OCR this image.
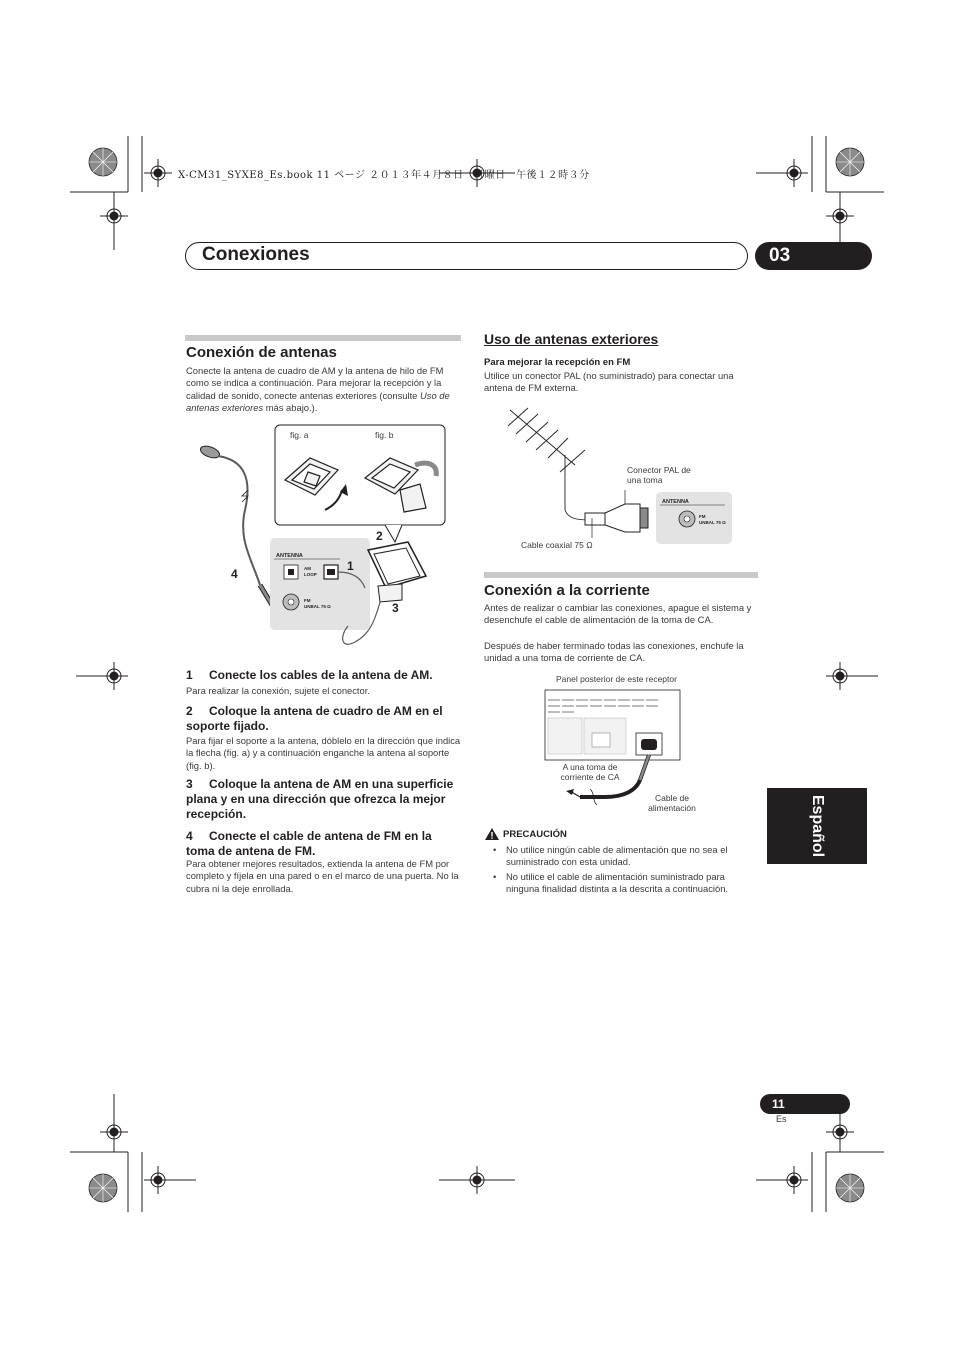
X-CM31_SYXE8_Es.book 11 ページ ２０１３年４月８日　月曜日　午後１２時３分
Conexiones	03
Conexión de antenas
Conecte la antena de cuadro de AM y la antena de hilo de FM como se indica a continuación. Para mejorar la recepción y la calidad de sonido, conecte antenas exteriores (consulte Uso de antenas exteriores más abajo.).
fig. a	fig. b
ANTENNA
AM
LOOP
FM
UNBAL 75 Ω
2
1
3
4
1 Conecte los cables de la antena de AM.
Para realizar la conexión, sujete el conector.
2 Coloque la antena de cuadro de AM en el soporte fijado.
Para fijar el soporte a la antena, dóblelo en la dirección que indica la flecha (fig. a) y a continuación enganche la antena al soporte (fig. b).
3 Coloque la antena de AM en una superficie plana y en una dirección que ofrezca la mejor recepción.
4 Conecte el cable de antena de FM en la toma de antena de FM.
Para obtener mejores resultados, extienda la antena de FM por completo y fíjela en una pared o en el marco de una puerta. No la cubra ni la deje enrollada.
Uso de antenas exteriores
Para mejorar la recepción en FM
Utilice un conector PAL (no suministrado) para conectar una antena de FM externa.
ANTENNA
FM
UNBAL 75 Ω
Conector PAL de una toma
Cable coaxial 75 Ω
Conexión a la corriente
Antes de realizar o cambiar las conexiones, apague el sistema y desenchufe el cable de alimentación de la toma de CA.
Después de haber terminado todas las conexiones, enchufe la unidad a una toma de corriente de CA.
Panel posterior de este receptor
A una toma de corriente de CA
Cable de alimentación
PRECAUCIÓN
• No utilice ningún cable de alimentación que no sea el suministrado con esta unidad.
• No utilice el cable de alimentación suministrado para ninguna finalidad distinta a la descrita a continuación.
Español
11
Es
